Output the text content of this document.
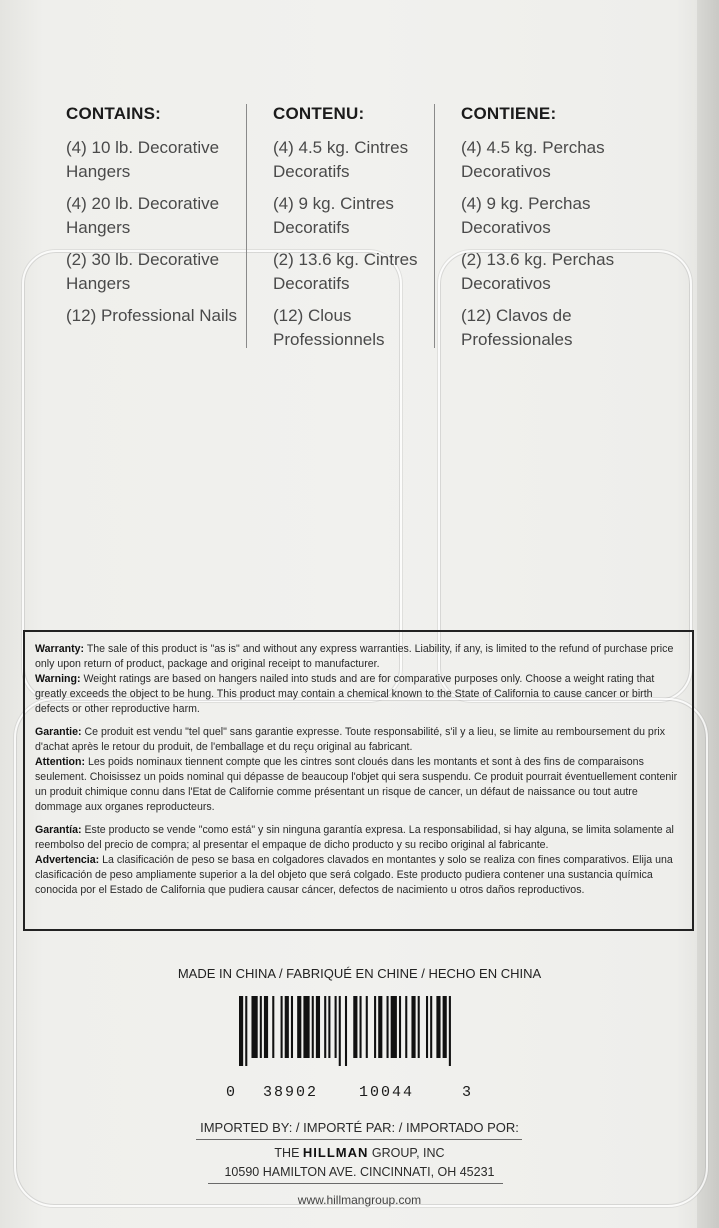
CONTAINS:
(4) 10 lb. Decorative Hangers
(4) 20 lb. Decorative Hangers
(2) 30 lb. Decorative Hangers
(12) Professional Nails
CONTENU:
(4) 4.5 kg. Cintres Decoratifs
(4) 9 kg. Cintres Decoratifs
(2) 13.6 kg. Cintres Decoratifs
(12) Clous Professionnels
CONTIENE:
(4) 4.5 kg. Perchas Decorativos
(4) 9 kg. Perchas Decorativos
(2) 13.6 kg. Perchas Decorativos
(12) Clavos de Professionales

Warranty: The sale of this product is "as is" and without any express warranties. Liability, if any, is limited to the refund of purchase price only upon return of product, package and original receipt to manufacturer.
Warning: Weight ratings are based on hangers nailed into studs and are for comparative purposes only. Choose a weight rating that greatly exceeds the object to be hung. This product may contain a chemical known to the State of California to cause cancer or birth defects or other reproductive harm.

Garantie: Ce produit est vendu "tel quel" sans garantie expresse. Toute responsabilité, s'il y a lieu, se limite au remboursement du prix d'achat après le retour du produit, de l'emballage et du reçu original au fabricant.
Attention: Les poids nominaux tiennent compte que les cintres sont cloués dans les montants et sont à des fins de comparaisons seulement. Choisissez un poids nominal qui dépasse de beaucoup l'objet qui sera suspendu. Ce produit pourrait éventuellement contenir un produit chimique connu dans l'Etat de Californie comme présentant un risque de cancer, un défaut de naissance ou tout autre dommage aux organes reproducteurs.

Garantía: Este producto se vende "como está" y sin ninguna garantía expresa. La responsabilidad, si hay alguna, se limita solamente al reembolso del precio de compra; al presentar el empaque de dicho producto y su recibo original al fabricante.
Advertencia: La clasificación de peso se basa en colgadores clavados en montantes y solo se realiza con fines comparativos. Elija una clasificación de peso ampliamente superior a la del objeto que será colgado. Este producto pudiera contener una sustancia química conocida por el Estado de California que pudiera causar cáncer, defectos de nacimiento u otros daños reproductivos.

MADE IN CHINA / FABRIQUÉ EN CHINE / HECHO EN CHINA
0 38902	10044	3
IMPORTED BY: / IMPORTÉ PAR: / IMPORTADO POR:
THE HILLMAN GROUP, INC
10590 HAMILTON AVE. CINCINNATI, OH 45231
www.hillmangroup.com
